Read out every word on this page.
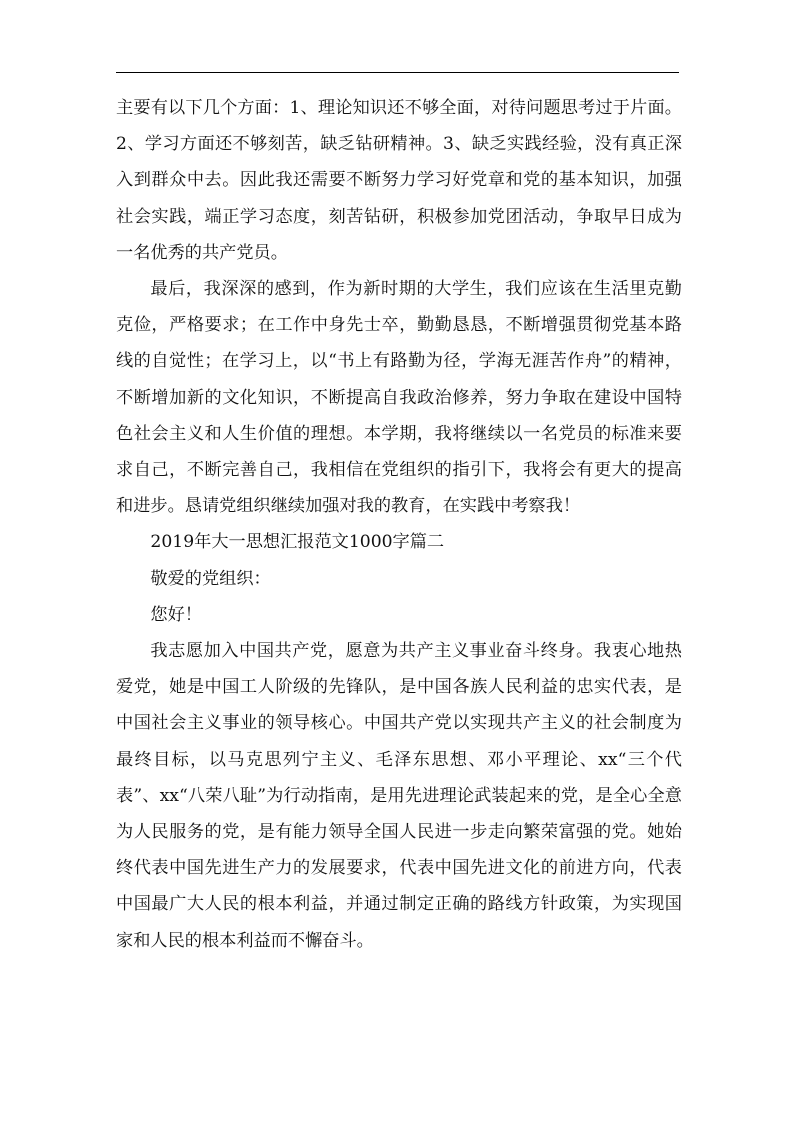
主要有以下几个方面：1、理论知识还不够全面，对待问题思考过于片面。2、学习方面还不够刻苦，缺乏钻研精神。3、缺乏实践经验，没有真正深入到群众中去。因此我还需要不断努力学习好党章和党的基本知识，加强社会实践，端正学习态度，刻苦钻研，积极参加党团活动，争取早日成为一名优秀的共产党员。

最后，我深深的感到，作为新时期的大学生，我们应该在生活里克勤克俭，严格要求；在工作中身先士卒，勤勤恳恳，不断增强贯彻党基本路线的自觉性；在学习上，以“书上有路勤为径，学海无涯苦作舟”的精神，不断增加新的文化知识，不断提高自我政治修养，努力争取在建设中国特色社会主义和人生价值的理想。本学期，我将继续以一名党员的标准来要求自己，不断完善自己，我相信在党组织的指引下，我将会有更大的提高和进步。恳请党组织继续加强对我的教育，在实践中考察我！

2019年大一思想汇报范文1000字篇二

敬爱的党组织：

您好！

我志愿加入中国共产党，愿意为共产主义事业奋斗终身。我衷心地热爱党，她是中国工人阶级的先锋队，是中国各族人民利益的忠实代表，是中国社会主义事业的领导核心。中国共产党以实现共产主义的社会制度为最终目标，以马克思列宁主义、毛泽东思想、邓小平理论、xx“三个代表”、xx“八荣八耻”为行动指南，是用先进理论武装起来的党，是全心全意为人民服务的党，是有能力领导全国人民进一步走向繁荣富强的党。她始终代表中国先进生产力的发展要求，代表中国先进文化的前进方向，代表中国最广大人民的根本利益，并通过制定正确的路线方针政策，为实现国家和人民的根本利益而不懈奋斗。
